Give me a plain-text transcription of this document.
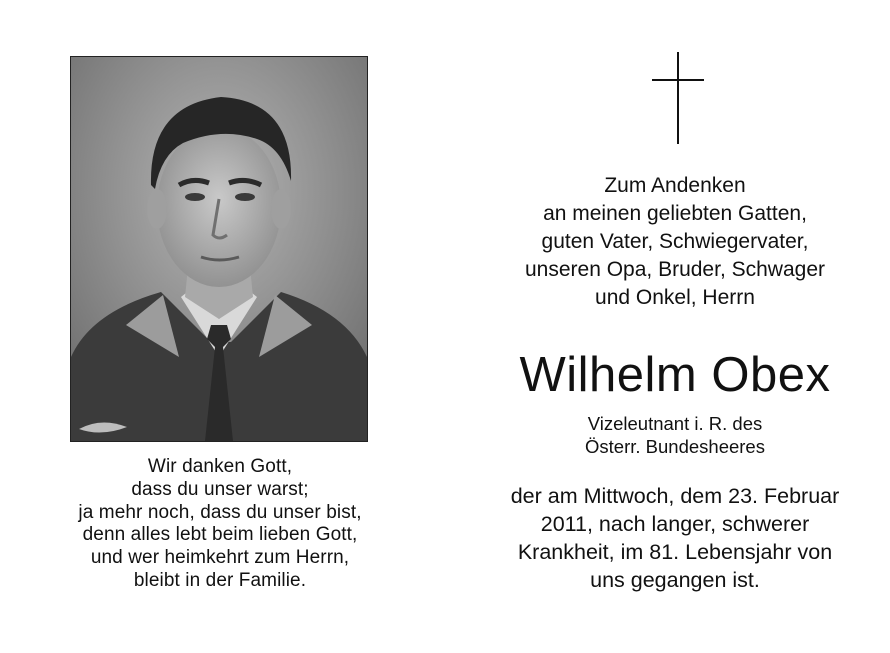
Wir danken Gott,
dass du unser warst;
ja mehr noch, dass du unser bist,
denn alles lebt beim lieben Gott,
und wer heimkehrt zum Herrn,
bleibt in der Familie.
Zum Andenken
an meinen geliebten Gatten,
guten Vater, Schwiegervater,
unseren Opa, Bruder, Schwager
und Onkel, Herrn
Wilhelm Obex
Vizeleutnant i. R. des
Österr. Bundesheeres
der am Mittwoch, dem 23. Februar
2011, nach langer, schwerer
Krankheit, im 81. Lebensjahr von
uns gegangen ist.
